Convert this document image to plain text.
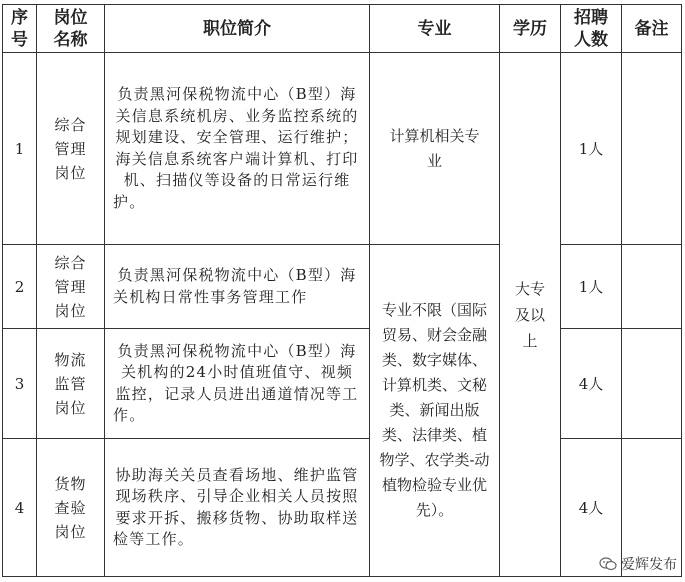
序号	岗位名称	职位简介	专业	学历	招聘人数	备注
1	综合管理岗位	负责黑河保税物流中心（B型）海关信息系统机房、业务监控系统的规划建设、安全管理、运行维护；海关信息系统客户端计算机、打印机、扫描仪等设备的日常运行维护。	计算机相关专业	大专及以上	1人	
2	综合管理岗位	负责黑河保税物流中心（B型）海关机构日常性事务管理工作	专业不限（国际贸易、财会金融类、数字媒体、计算机类、文秘类、新闻出版类、法律类、植物学、农学类-动植物检验专业优先）。		1人	
3	物流监管岗位	负责黑河保税物流中心（B型）海关机构的24小时值班值守、视频监控，记录人员进出通道情况等工作。			4人	
4	货物查验岗位	协助海关关员查看场地、维护监管现场秩序、引导企业相关人员按照要求开拆、搬移货物、协助取样送检等工作。			4人	
爱辉发布
